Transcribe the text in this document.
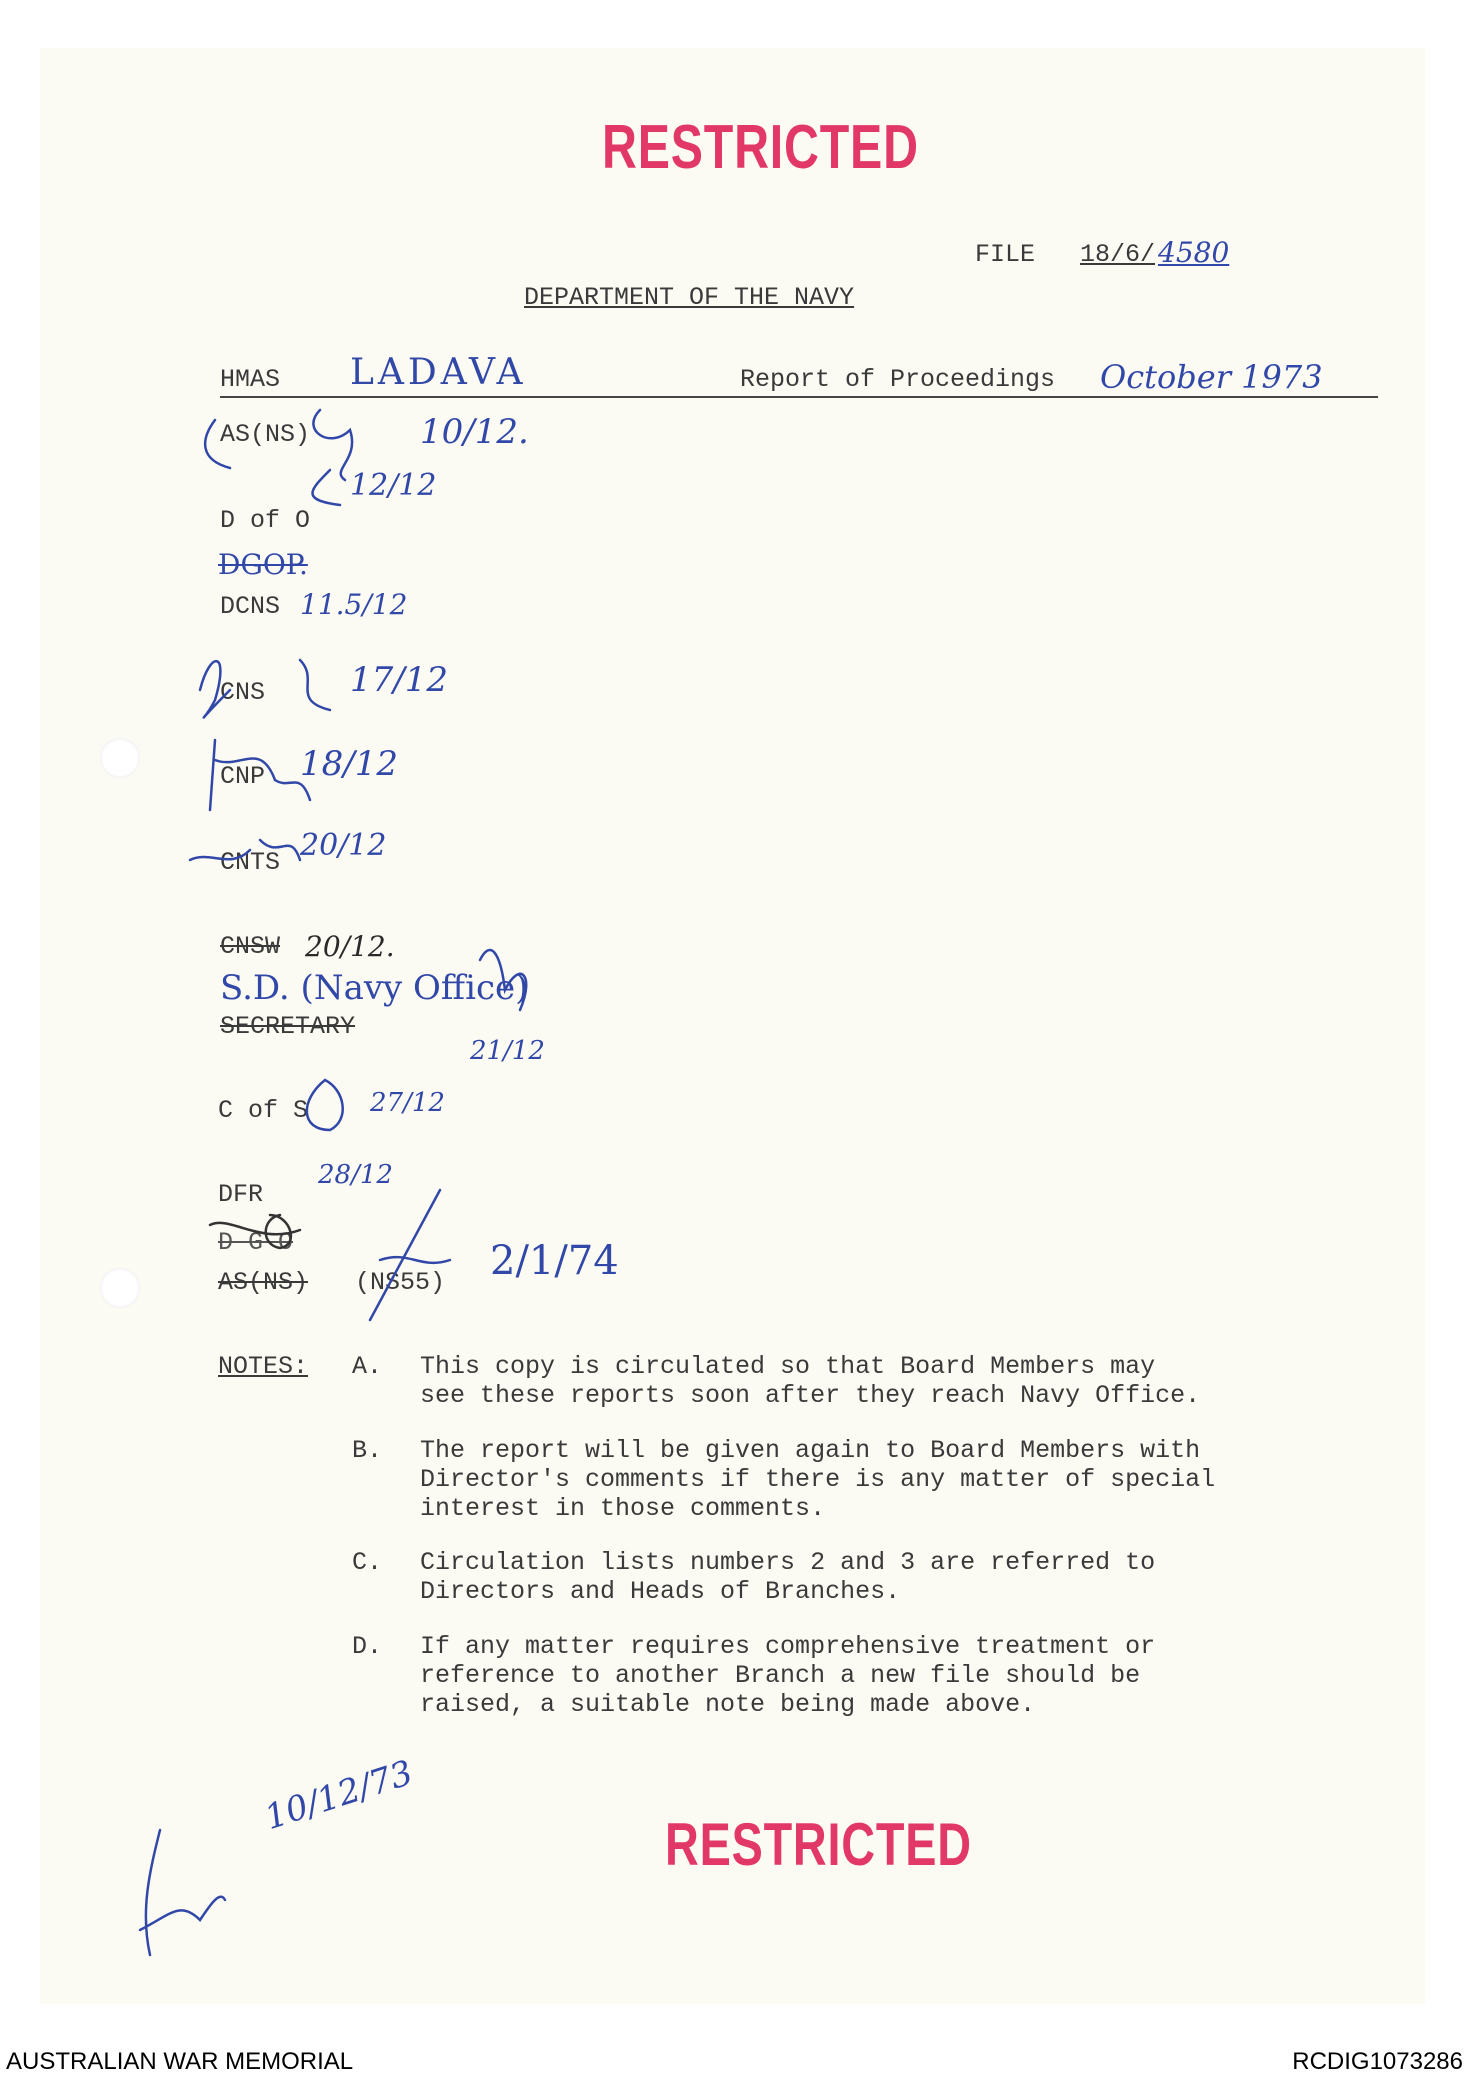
RESTRICTED
FILE 18/6/ 4580
DEPARTMENT OF THE NAVY
HMAS LADAVA	Report of Proceedings October 1973
AS(NS)	10/12.
12/12
D of O
DGOP.
DCNS 11.5/12
CNS 17/12
CNP 18/12
CNTS 20/12
CNSW 20/12.
S.D. (Navy Office)
SECRETARY
21/12
C of S 27/12
DFR
28/12
D G O
AS(NS) (NS55) 2/1/74
NOTES: A. This copy is circulated so that Board Members may
see these reports soon after they reach Navy Office.
B. The report will be given again to Board Members with
Director's comments if there is any matter of special
interest in those comments.
C. Circulation lists numbers 2 and 3 are referred to
Directors and Heads of Branches.
D. If any matter requires comprehensive treatment or
reference to another Branch a new file should be
raised, a suitable note being made above.
10/12/73
RESTRICTED
AUSTRALIAN WAR MEMORIAL	RCDIG1073286
